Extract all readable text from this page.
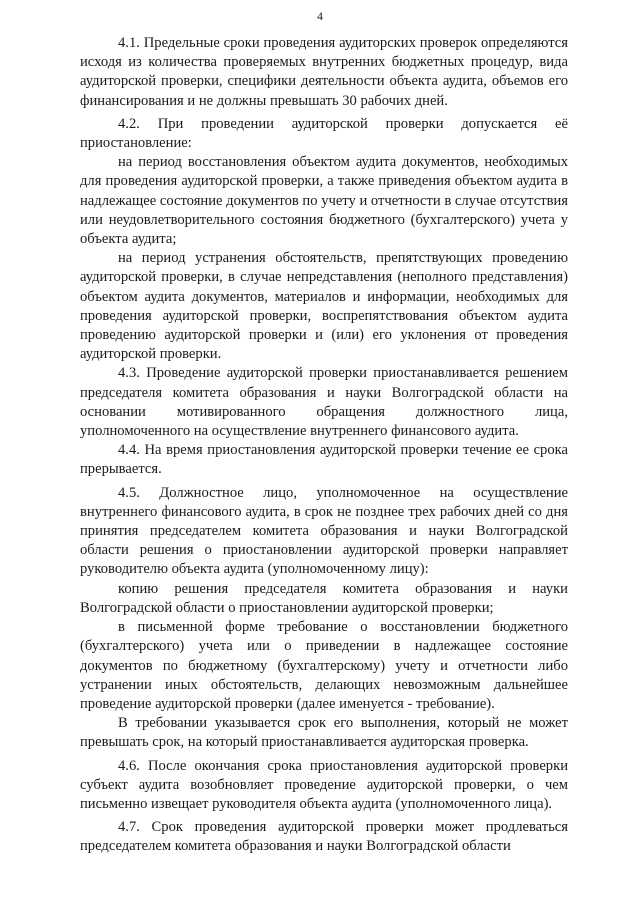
4

4.1. Предельные сроки проведения аудиторских проверок определяются исходя из количества проверяемых внутренних бюджетных процедур, вида аудиторской проверки, специфики деятельности объекта аудита, объемов его финансирования и не должны превышать 30 рабочих дней.

4.2. При проведении аудиторской проверки допускается её приостановление:

на период восстановления объектом аудита документов, необходимых для проведения аудиторской проверки, а также приведения объектом аудита в надлежащее состояние документов по учету и отчетности в случае отсутствия или неудовлетворительного состояния бюджетного (бухгалтерского) учета у объекта аудита;

на период устранения обстоятельств, препятствующих проведению аудиторской проверки, в случае непредставления (неполного представления) объектом аудита документов, материалов и информации, необходимых для проведения аудиторской проверки, воспрепятствования объектом аудита проведению аудиторской проверки и (или) его уклонения от проведения аудиторской проверки.

4.3. Проведение аудиторской проверки приостанавливается решением председателя комитета образования и науки Волгоградской области на основании мотивированного обращения должностного лица, уполномоченного на осуществление внутреннего финансового аудита.

4.4. На время приостановления аудиторской проверки течение ее срока прерывается.

4.5. Должностное лицо, уполномоченное на осуществление внутреннего финансового аудита, в срок не позднее трех рабочих дней со дня принятия председателем комитета образования и науки Волгоградской области решения о приостановлении аудиторской проверки направляет руководителю объекта аудита (уполномоченному лицу):

копию решения председателя комитета образования и науки Волгоградской области о приостановлении аудиторской проверки;

в письменной форме требование о восстановлении бюджетного (бухгалтерского) учета или о приведении в надлежащее состояние документов по бюджетному (бухгалтерскому) учету и отчетности либо устранении иных обстоятельств, делающих невозможным дальнейшее проведение аудиторской проверки (далее именуется - требование).

В требовании указывается срок его выполнения, который не может превышать срок, на который приостанавливается аудиторская проверка.

4.6. После окончания срока приостановления аудиторской проверки субъект аудита возобновляет проведение аудиторской проверки, о чем письменно извещает руководителя объекта аудита (уполномоченного лица).

4.7. Срок проведения аудиторской проверки может продлеваться председателем комитета образования и науки Волгоградской области
